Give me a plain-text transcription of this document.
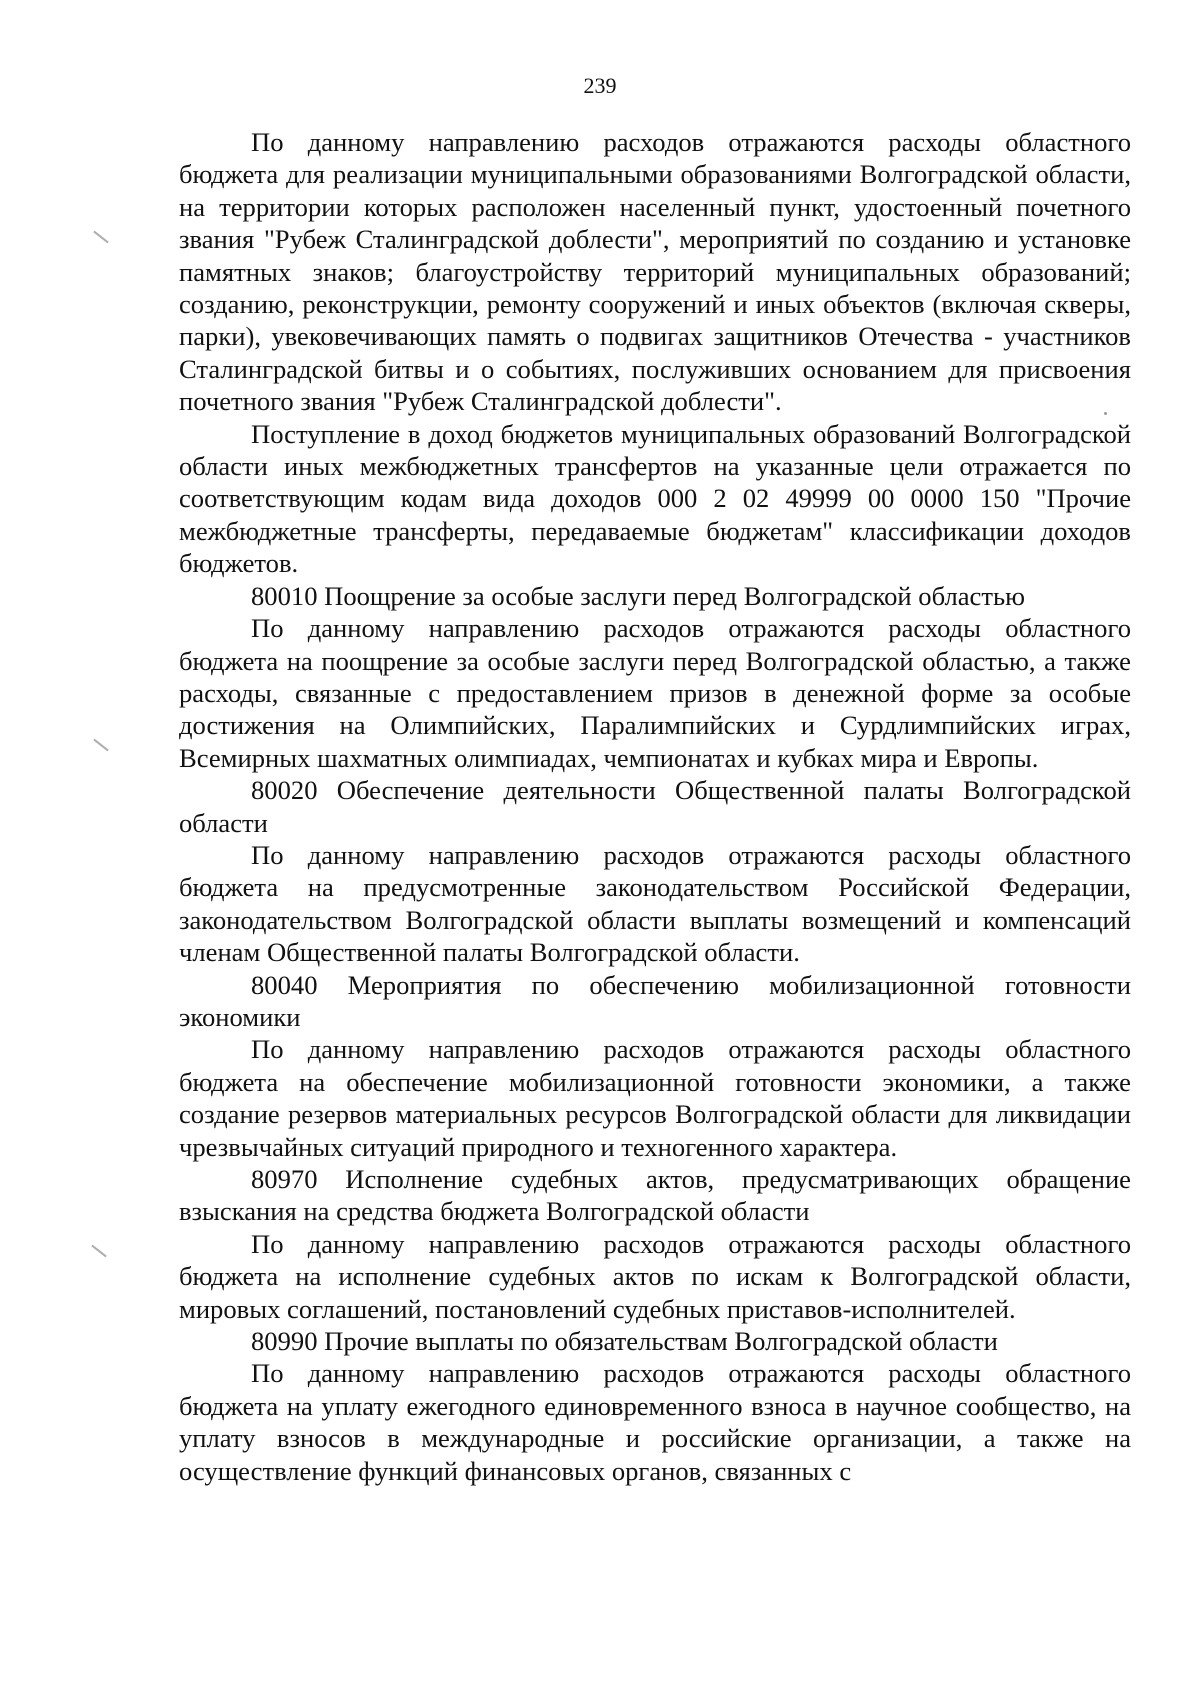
239

По данному направлению расходов отражаются расходы областного бюджета для реализации муниципальными образованиями Волгоградской области, на территории которых расположен населенный пункт, удостоенный почетного звания "Рубеж Сталинградской доблести", мероприятий по созданию и установке памятных знаков; благоустройству территорий муниципальных образований; созданию, реконструкции, ремонту сооружений и иных объектов (включая скверы, парки), увековечивающих память о подвигах защитников Отечества - участников Сталинградской битвы и о событиях, послуживших основанием для присвоения почетного звания "Рубеж Сталинградской доблести".

Поступление в доход бюджетов муниципальных образований Волгоградской области иных межбюджетных трансфертов на указанные цели отражается по соответствующим кодам вида доходов 000 2 02 49999 00 0000 150 "Прочие межбюджетные трансферты, передаваемые бюджетам" классификации доходов бюджетов.

80010 Поощрение за особые заслуги перед Волгоградской областью

По данному направлению расходов отражаются расходы областного бюджета на поощрение за особые заслуги перед Волгоградской областью, а также расходы, связанные с предоставлением призов в денежной форме за особые достижения на Олимпийских, Паралимпийских и Сурдлимпийских играх, Всемирных шахматных олимпиадах, чемпионатах и кубках мира и Европы.

80020 Обеспечение деятельности Общественной палаты Волгоградской области

По данному направлению расходов отражаются расходы областного бюджета на предусмотренные законодательством Российской Федерации, законодательством Волгоградской области выплаты возмещений и компенсаций членам Общественной палаты Волгоградской области.

80040 Мероприятия по обеспечению мобилизационной готовности экономики

По данному направлению расходов отражаются расходы областного бюджета на обеспечение мобилизационной готовности экономики, а также создание резервов материальных ресурсов Волгоградской области для ликвидации чрезвычайных ситуаций природного и техногенного характера.

80970 Исполнение судебных актов, предусматривающих обращение взыскания на средства бюджета Волгоградской области

По данному направлению расходов отражаются расходы областного бюджета на исполнение судебных актов по искам к Волгоградской области, мировых соглашений, постановлений судебных приставов-исполнителей.

80990 Прочие выплаты по обязательствам Волгоградской области

По данному направлению расходов отражаются расходы областного бюджета на уплату ежегодного единовременного взноса в научное сообщество, на уплату взносов в международные и российские организации, а также на осуществление функций финансовых органов, связанных с
